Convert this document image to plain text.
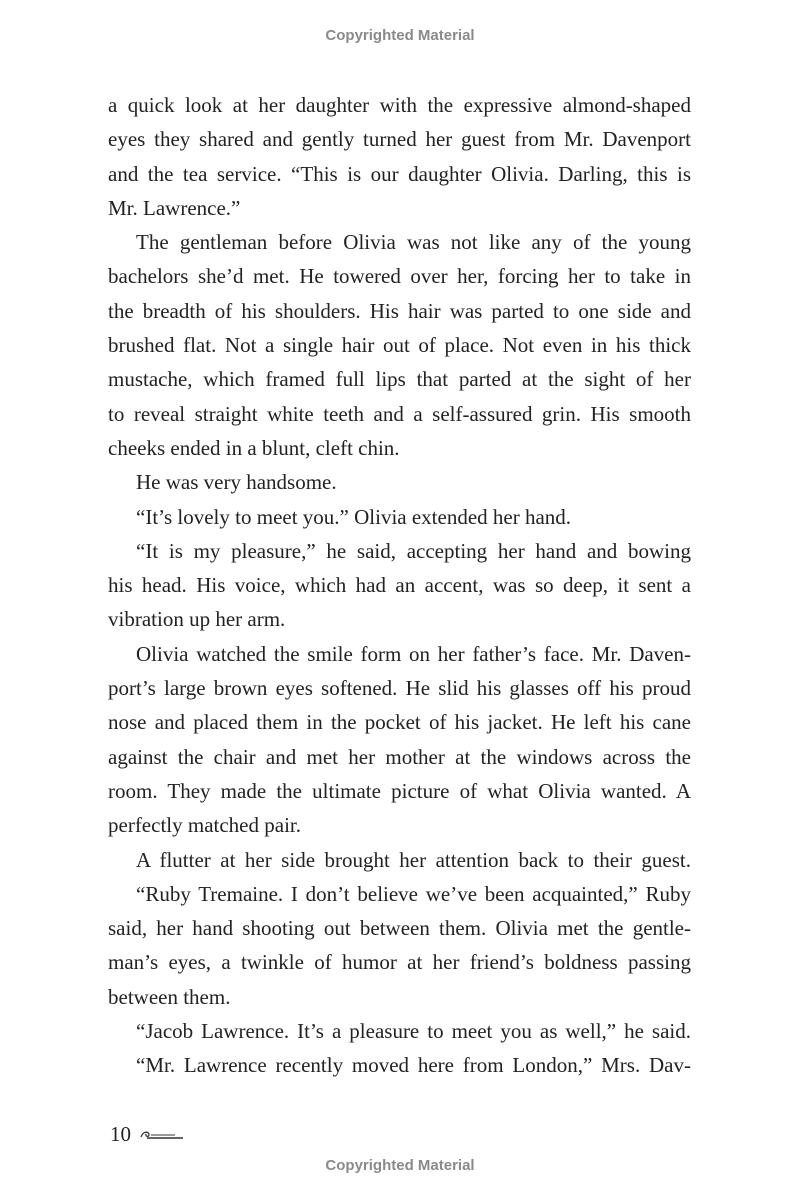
Copyrighted Material
a quick look at her daughter with the expressive almond-shaped
eyes they shared and gently turned her guest from Mr. Davenport
and the tea service. “This is our daughter Olivia. Darling, this is
Mr. Lawrence.”
The gentleman before Olivia was not like any of the young
bachelors she’d met. He towered over her, forcing her to take in
the breadth of his shoulders. His hair was parted to one side and
brushed flat. Not a single hair out of place. Not even in his thick
mustache, which framed full lips that parted at the sight of her
to reveal straight white teeth and a self-assured grin. His smooth
cheeks ended in a blunt, cleft chin.
He was very handsome.
“It’s lovely to meet you.” Olivia extended her hand.
“It is my pleasure,” he said, accepting her hand and bowing
his head. His voice, which had an accent, was so deep, it sent a
vibration up her arm.
Olivia watched the smile form on her father’s face. Mr. Daven-
port’s large brown eyes softened. He slid his glasses off his proud
nose and placed them in the pocket of his jacket. He left his cane
against the chair and met her mother at the windows across the
room. They made the ultimate picture of what Olivia wanted. A
perfectly matched pair.
A flutter at her side brought her attention back to their guest.
“Ruby Tremaine. I don’t believe we’ve been acquainted,” Ruby
said, her hand shooting out between them. Olivia met the gentle-
man’s eyes, a twinkle of humor at her friend’s boldness passing
between them.
“Jacob Lawrence. It’s a pleasure to meet you as well,” he said.
“Mr. Lawrence recently moved here from London,” Mrs. Dav-
10
Copyrighted Material
